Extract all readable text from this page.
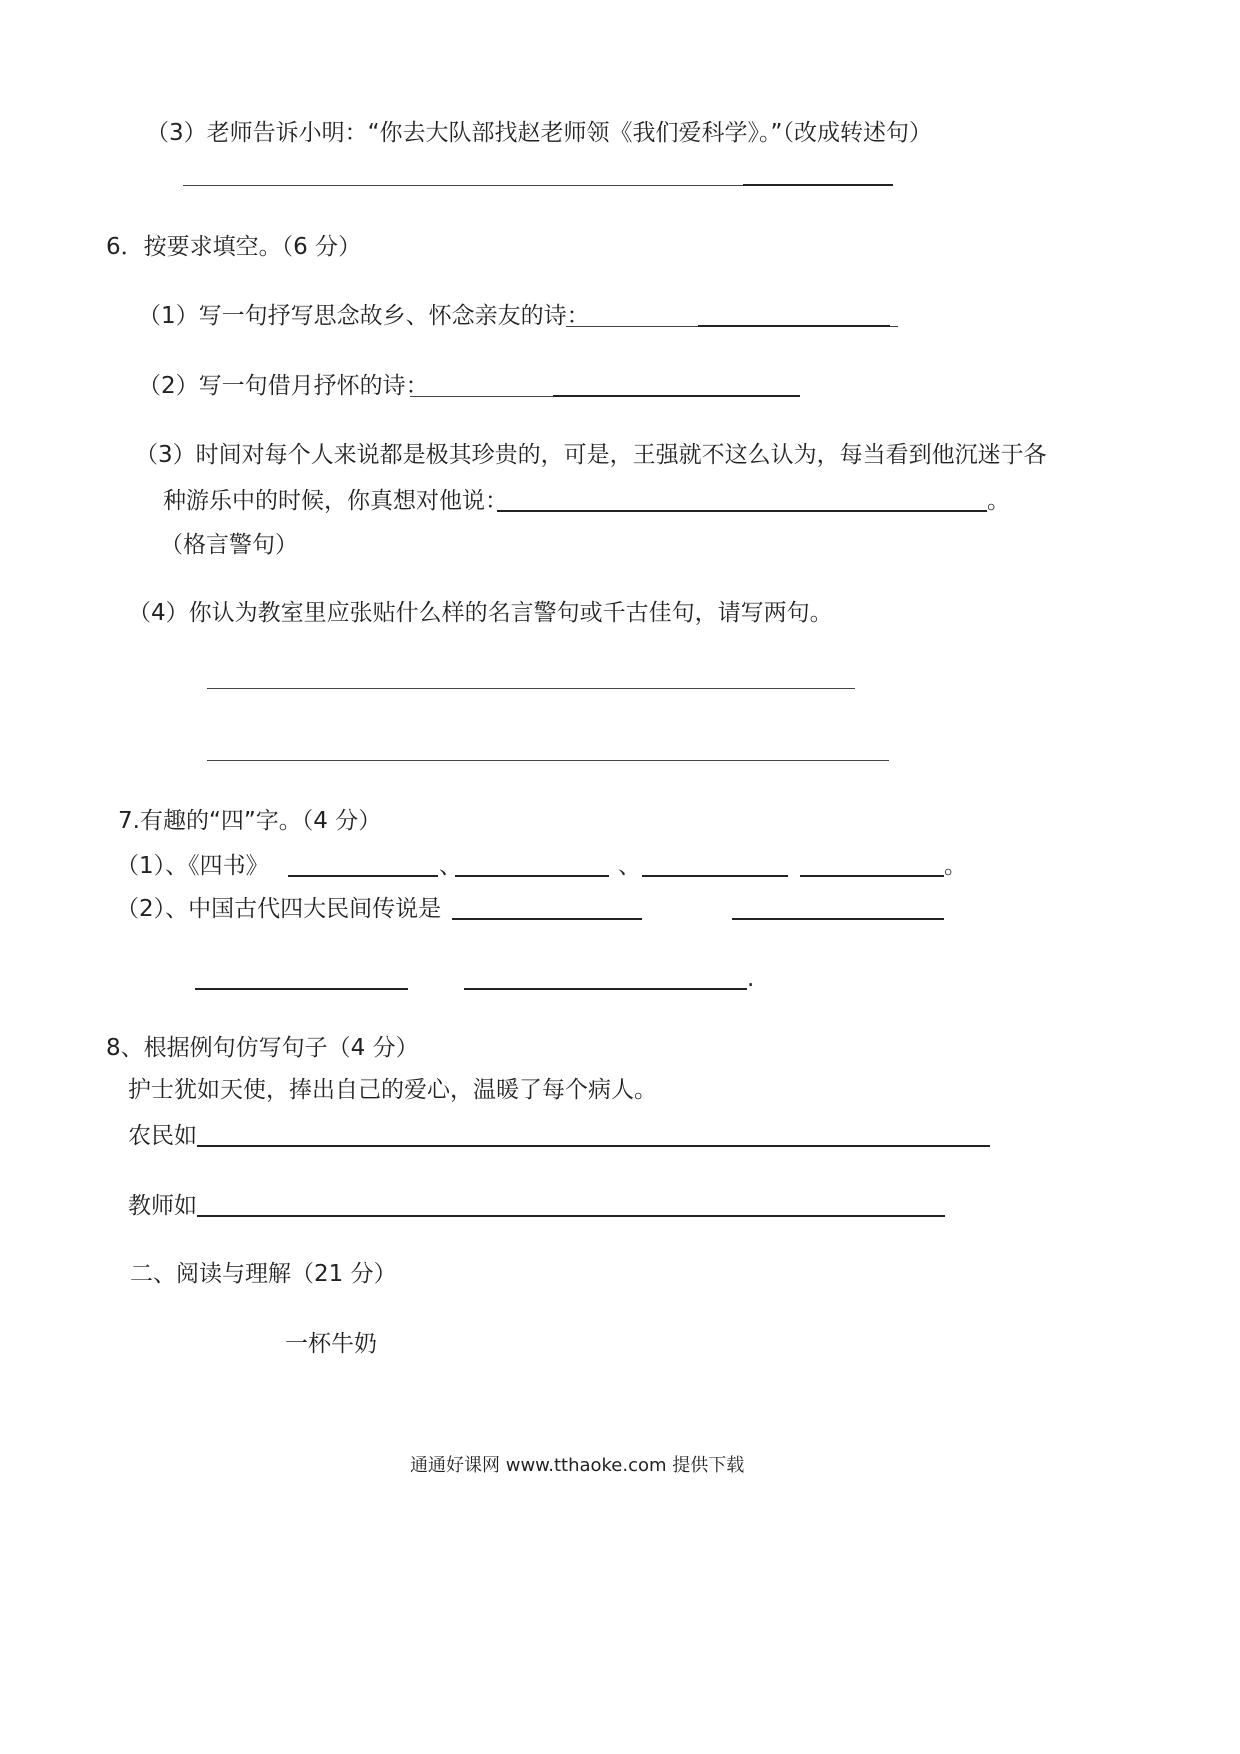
（3）老师告诉小明：“你去大队部找赵老师领《我们爱科学》。”（改成转述句）
6．按要求填空。（6 分）
（1）写一句抒写思念故乡、怀念亲友的诗：
（2）写一句借月抒怀的诗：
（3）时间对每个人来说都是极其珍贵的，可是，王强就不这么认为，每当看到他沉迷于各
种游乐中的时候，你真想对他说：	。
（格言警句）
（4）你认为教室里应张贴什么样的名言警句或千古佳句，请写两句。
7.有趣的“四”字。（4 分）
（1）、《四书》	、	、	。
（2）、中国古代四大民间传说是
.
8、根据例句仿写句子（4 分）
护士犹如天使，捧出自己的爱心，温暖了每个病人。
农民如
教师如
二、阅读与理解（21 分）
一杯牛奶
通通好课网 www.tthaoke.com 提供下载
